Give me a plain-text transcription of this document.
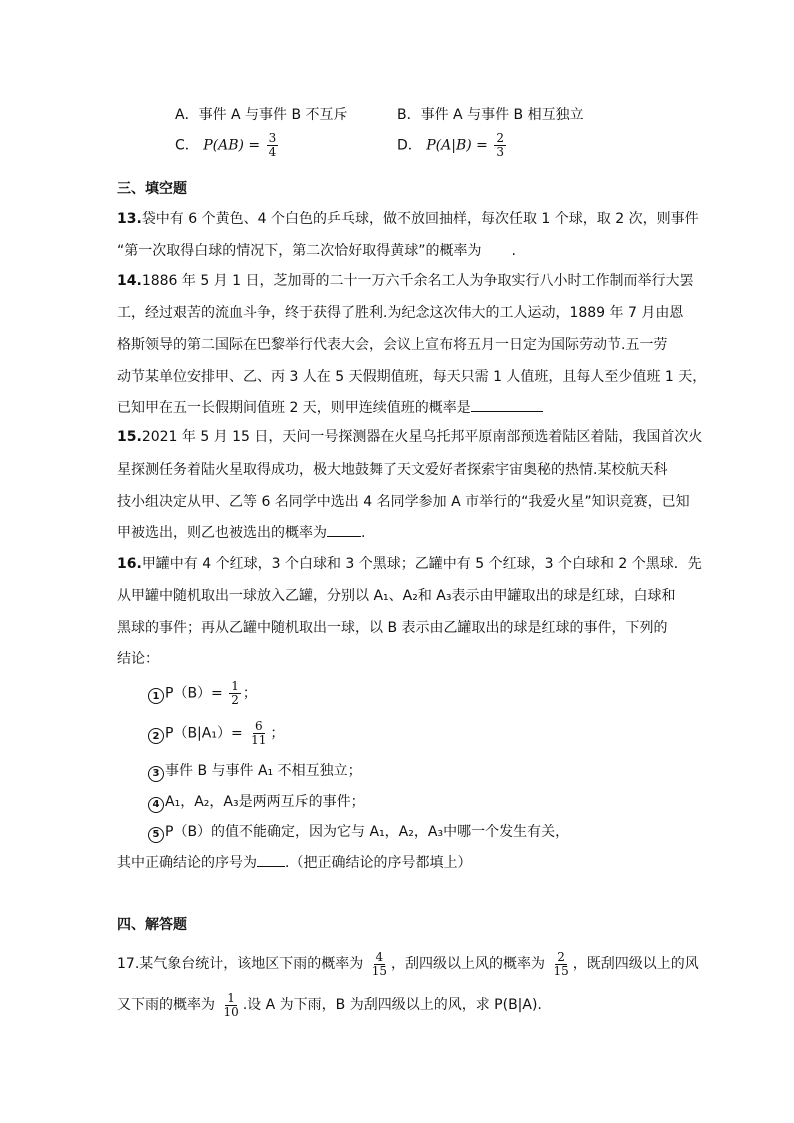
A．事件 A 与事件 B 不互斥	B．事件 A 与事件 B 相互独立
C． $P(AB) = \frac{3}{4}$	D． $P(A|B) = \frac{2}{3}$
三、填空题
13.袋中有 6 个黄色、4 个白色的乒乓球，做不放回抽样，每次任取 1 个球，取 2 次，则事件
“第一次取得白球的情况下，第二次恰好取得黄球”的概率为 .
14.1886 年 5 月 1 日，芝加哥的二十一万六千余名工人为争取实行八小时工作制而举行大罢
工，经过艰苦的流血斗争，终于获得了胜利.为纪念这次伟大的工人运动，1889 年 7 月由恩
格斯领导的第二国际在巴黎举行代表大会，会议上宣布将五月一日定为国际劳动节.五一劳
动节某单位安排甲、乙、丙 3 人在 5 天假期值班，每天只需 1 人值班，且每人至少值班 1 天，
已知甲在五一长假期间值班 2 天，则甲连续值班的概率是
15.2021 年 5 月 15 日，天问一号探测器在火星乌托邦平原南部预选着陆区着陆，我国首次火
星探测任务着陆火星取得成功，极大地鼓舞了天文爱好者探索宇宙奥秘的热情.某校航天科
技小组决定从甲、乙等 6 名同学中选出 4 名同学参加 A 市举行的“我爱火星”知识竞赛，已知
甲被选出，则乙也被选出的概率为 .
16.甲罐中有 4 个红球，3 个白球和 3 个黑球；乙罐中有 5 个红球，3 个白球和 2 个黑球．先
从甲罐中随机取出一球放入乙罐，分别以 A₁、A₂和 A₃表示由甲罐取出的球是红球，白球和
黑球的事件；再从乙罐中随机取出一球，以 B 表示由乙罐取出的球是红球的事件，下列的
结论：
1 $P(B)= \frac{1}{2}$ ；
2 $P(B|A_1)= \frac{6}{11}$ ；
3 事件 B 与事件 A₁ 不相互独立；
4 A₁，A₂，A₃是两两互斥的事件；
5 P（B）的值不能确定，因为它与 A₁，A₂，A₃中哪一个发生有关，
其中正确结论的序号为 .（把正确结论的序号都填上）
四、解答题
17.某气象台统计，该地区下雨的概率为 $\frac{4}{15}$ ，刮四级以上风的概率为 $\frac{2}{15}$ ，既刮四级以上的风
又下雨的概率为 $\frac{1}{10}$ .设 A 为下雨，B 为刮四级以上的风，求 P(B|A).
